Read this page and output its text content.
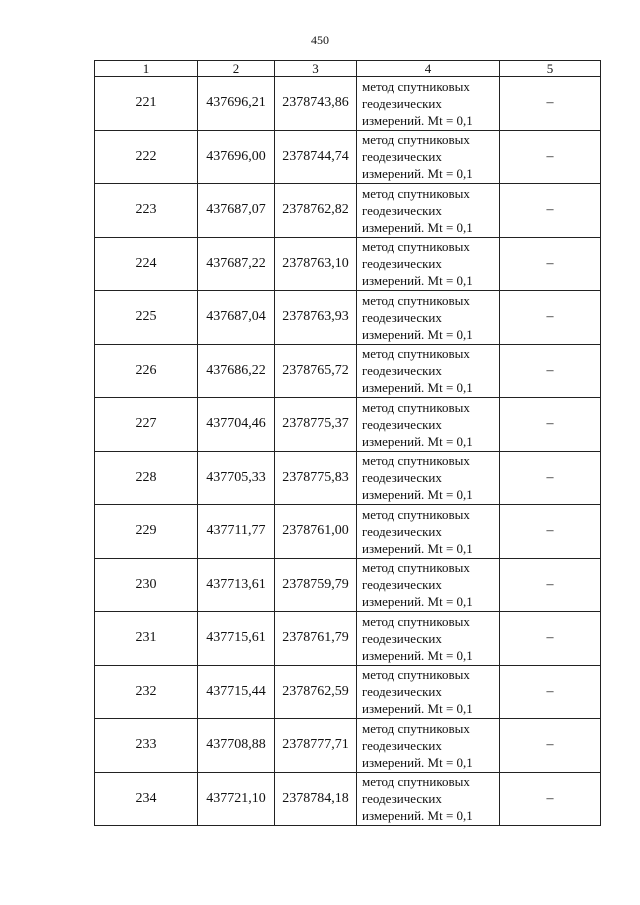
450
1	2	3	4	5
221	437696,21	2378743,86	метод спутниковых
геодезических
измерений. Mt = 0,1	–
222	437696,00	2378744,74	метод спутниковых
геодезических
измерений. Mt = 0,1	–
223	437687,07	2378762,82	метод спутниковых
геодезических
измерений. Mt = 0,1	–
224	437687,22	2378763,10	метод спутниковых
геодезических
измерений. Mt = 0,1	–
225	437687,04	2378763,93	метод спутниковых
геодезических
измерений. Mt = 0,1	–
226	437686,22	2378765,72	метод спутниковых
геодезических
измерений. Mt = 0,1	–
227	437704,46	2378775,37	метод спутниковых
геодезических
измерений. Mt = 0,1	–
228	437705,33	2378775,83	метод спутниковых
геодезических
измерений. Mt = 0,1	–
229	437711,77	2378761,00	метод спутниковых
геодезических
измерений. Mt = 0,1	–
230	437713,61	2378759,79	метод спутниковых
геодезических
измерений. Mt = 0,1	–
231	437715,61	2378761,79	метод спутниковых
геодезических
измерений. Mt = 0,1	–
232	437715,44	2378762,59	метод спутниковых
геодезических
измерений. Mt = 0,1	–
233	437708,88	2378777,71	метод спутниковых
геодезических
измерений. Mt = 0,1	–
234	437721,10	2378784,18	метод спутниковых
геодезических
измерений. Mt = 0,1	–
